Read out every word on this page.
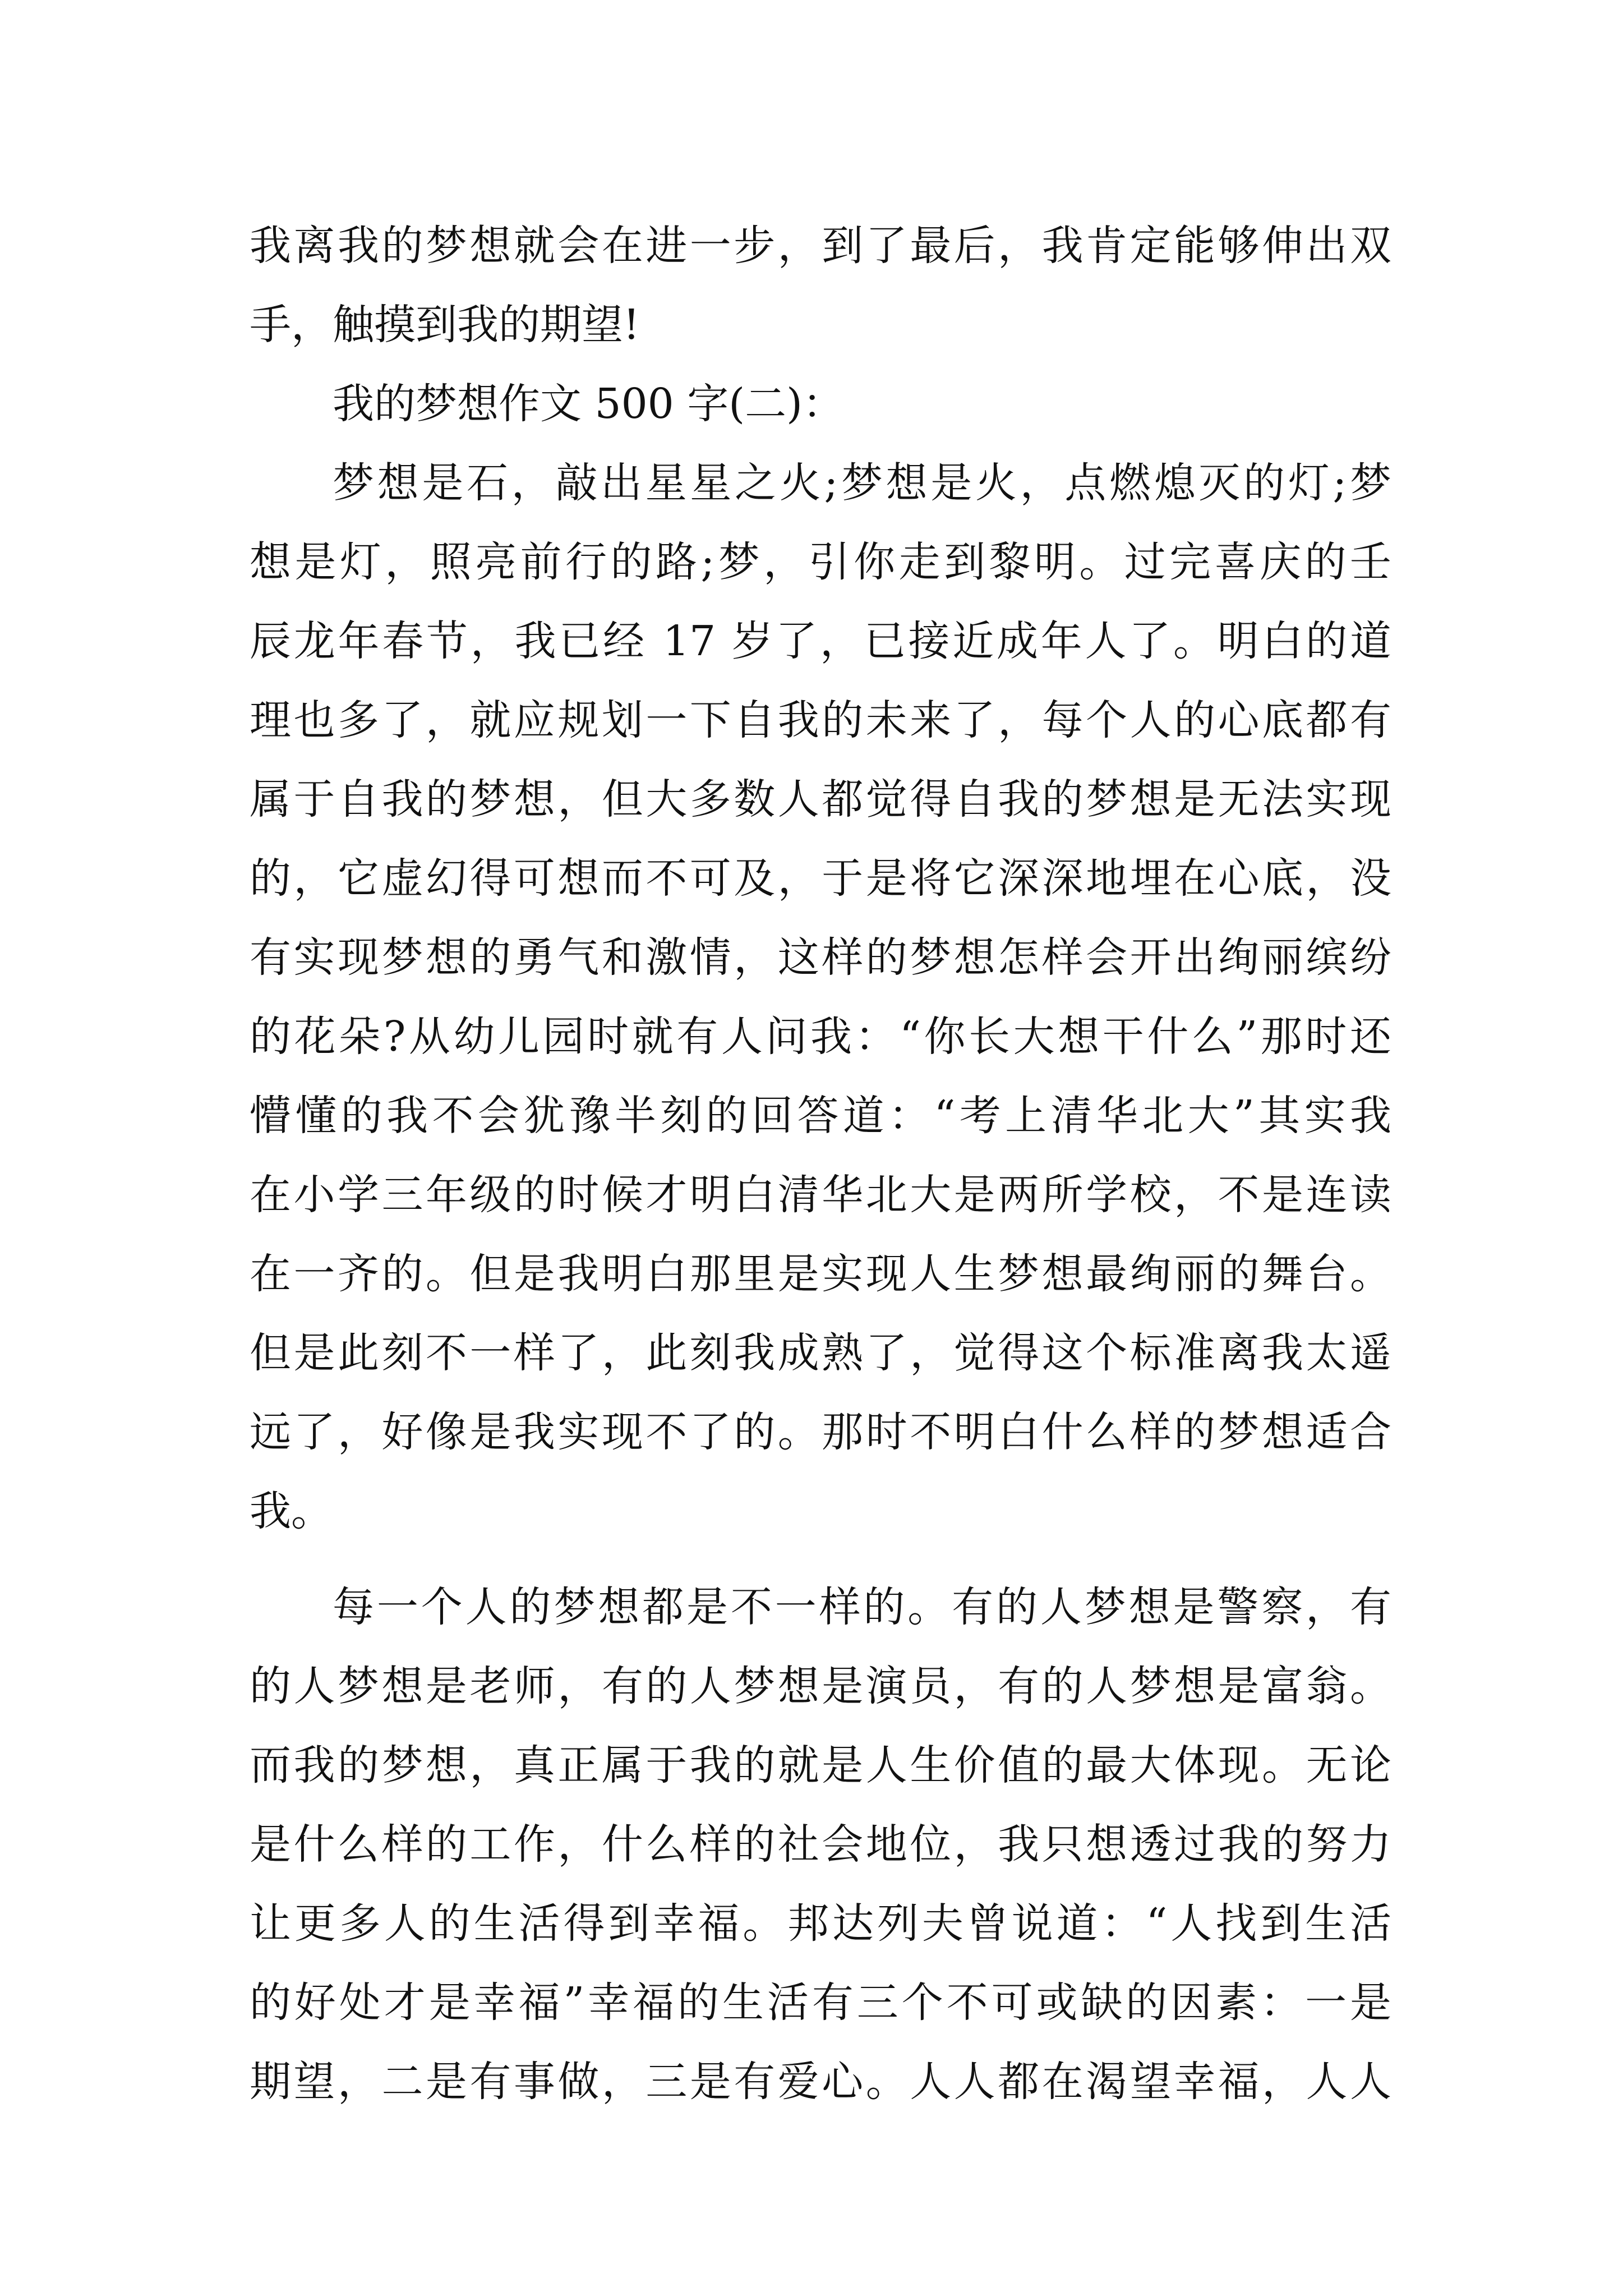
我离我的梦想就会在进一步，到了最后，我肯定能够伸出双
手，触摸到我的期望!
我的梦想作文 500 字(二)：
梦想是石，敲出星星之火;梦想是火，点燃熄灭的灯;梦
想是灯，照亮前行的路;梦，引你走到黎明。过完喜庆的壬
辰龙年春节，我已经 17 岁了，已接近成年人了。明白的道
理也多了，就应规划一下自我的未来了，每个人的心底都有
属于自我的梦想，但大多数人都觉得自我的梦想是无法实现
的，它虚幻得可想而不可及，于是将它深深地埋在心底，没
有实现梦想的勇气和激情，这样的梦想怎样会开出绚丽缤纷
的花朵?从幼儿园时就有人问我：“你长大想干什么”那时还
懵懂的我不会犹豫半刻的回答道：“考上清华北大”其实我
在小学三年级的时候才明白清华北大是两所学校，不是连读
在一齐的。但是我明白那里是实现人生梦想最绚丽的舞台。
但是此刻不一样了，此刻我成熟了，觉得这个标准离我太遥
远了，好像是我实现不了的。那时不明白什么样的梦想适合
我。
每一个人的梦想都是不一样的。有的人梦想是警察，有
的人梦想是老师，有的人梦想是演员，有的人梦想是富翁。
而我的梦想，真正属于我的就是人生价值的最大体现。无论
是什么样的工作，什么样的社会地位，我只想透过我的努力
让更多人的生活得到幸福。邦达列夫曾说道：“人找到生活
的好处才是幸福”幸福的生活有三个不可或缺的因素：一是
期望，二是有事做，三是有爱心。人人都在渴望幸福，人人
